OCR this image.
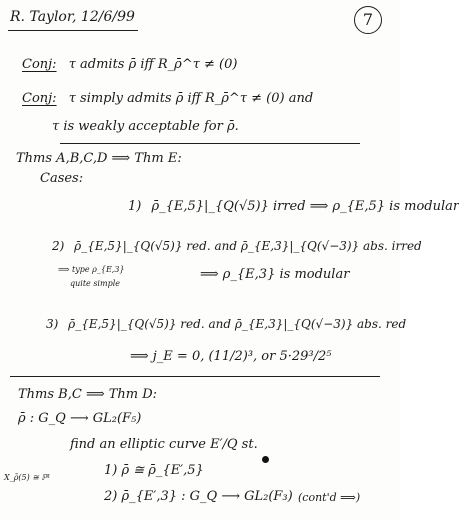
R. Taylor, 12/6/99	7
Conj: τ admits ρ̄ iff R_ρ̄^τ ≠ (0)
Conj: τ simply admits ρ̄ iff R_ρ̄^τ ≠ (0) and
τ is weakly acceptable for ρ̄.
Thms A,B,C,D ⟹ Thm E:
Cases:
1) ρ̄_{E,5}|_{Q(√5)} irred ⟹ ρ_{E,5} is modular
2) ρ̄_{E,5}|_{Q(√5)} red. and ρ̄_{E,3}|_{Q(√−3)} abs. irred
⟹ type ρ_{E,3}
quite simple
⟹ ρ_{E,3} is modular
3) ρ̄_{E,5}|_{Q(√5)} red. and ρ̄_{E,3}|_{Q(√−3)} abs. red
⟹ j_E = 0, (11/2)³, or 5·29³/2⁵
Thms B,C ⟹ Thm D:
ρ̄ : G_Q ⟶ GL₂(F₅)
find an elliptic curve E′/Q st.
X_ρ̄(5) ≅ ℙ¹	1) ρ̄ ≅ ρ̄_{E′,5}
2) ρ̄_{E′,3} : G_Q ⟶ GL₂(F₃) (cont'd ⟹)
